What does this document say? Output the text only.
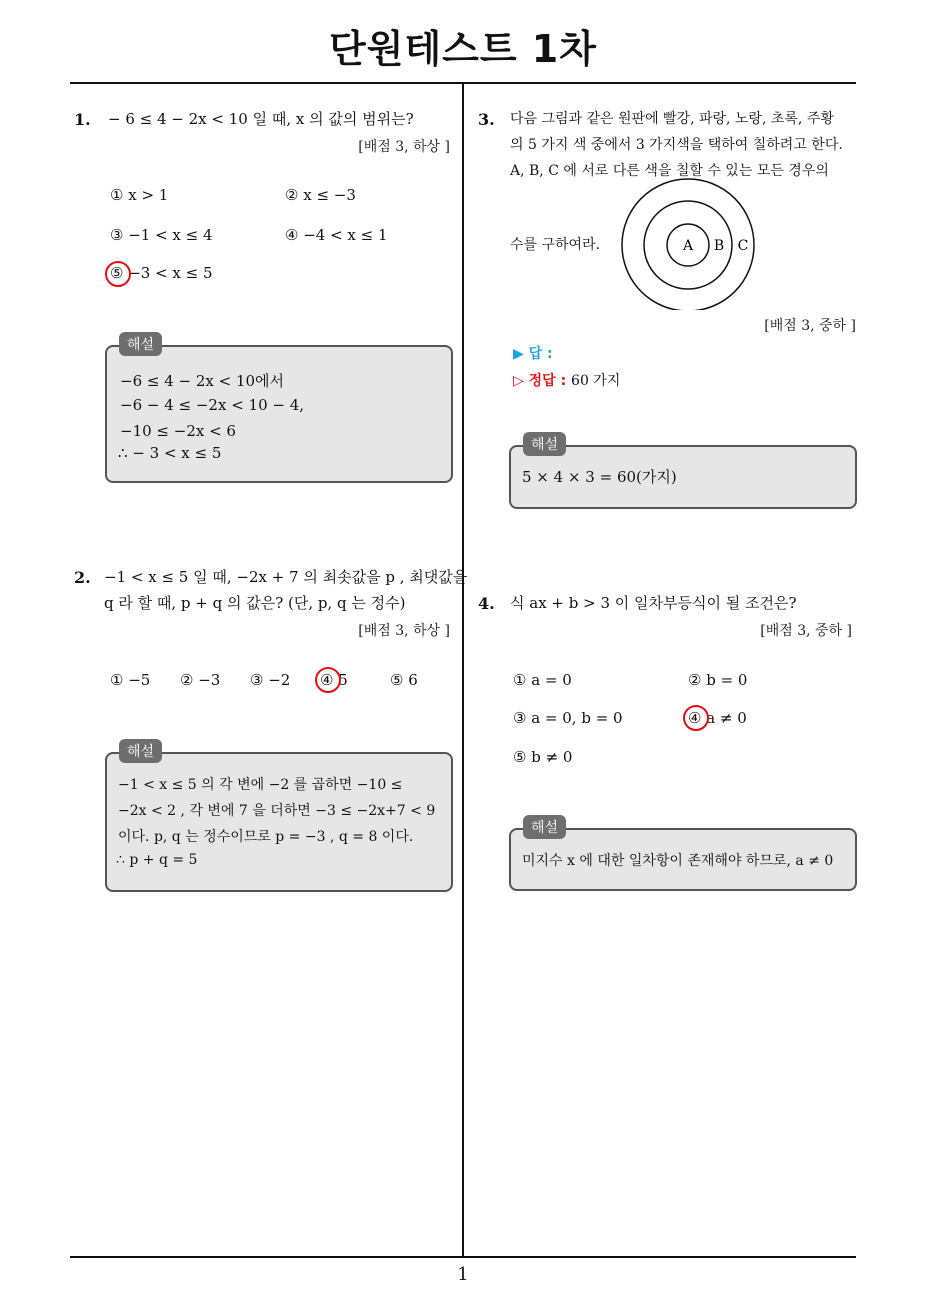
단원테스트 1차
1. − 6 ≤ 4 − 2x < 10 일 때, x 의 값의 범위는?
[배점 3, 하상 ]
① x > 1	② x ≤ −3
③ −1 < x ≤ 4	④ −4 < x ≤ 1
⑤ −3 < x ≤ 5
해설
−6 ≤ 4 − 2x < 10에서
−6 − 4 ≤ −2x < 10 − 4,
−10 ≤ −2x < 6
∴ − 3 < x ≤ 5
2. −1 < x ≤ 5 일 때, −2x + 7 의 최솟값을 p , 최댓값을
q 라 할 때, p + q 의 값은? (단, p, q 는 정수)
[배점 3, 하상 ]
① −5 ② −3 ③ −2 ④ 5	⑤ 6
해설
−1 < x ≤ 5 의 각 변에 −2 를 곱하면 −10 ≤
−2x < 2 , 각 변에 7 을 더하면 −3 ≤ −2x+7 < 9
이다. p, q 는 정수이므로 p = −3 , q = 8 이다.
∴ p + q = 5
3. 다음 그림과 같은 원판에 빨강, 파랑, 노랑, 초록, 주황
의 5 가지 색 중에서 3 가지색을 택하여 칠하려고 한다.
A, B, C 에 서로 다른 색을 칠할 수 있는 모든 경우의
수를 구하여라.	A B C
[배점 3, 중하 ]
▶ 답 :
▷ 정답 : 60 가지
해설
5 × 4 × 3 = 60(가지)
4. 식 ax + b > 3 이 일차부등식이 될 조건은?
[배점 3, 중하 ]
① a = 0	② b = 0
③ a = 0, b = 0	④ a ≠ 0
⑤ b ≠ 0
해설
미지수 x 에 대한 일차항이 존재해야 하므로, a ≠ 0
1
